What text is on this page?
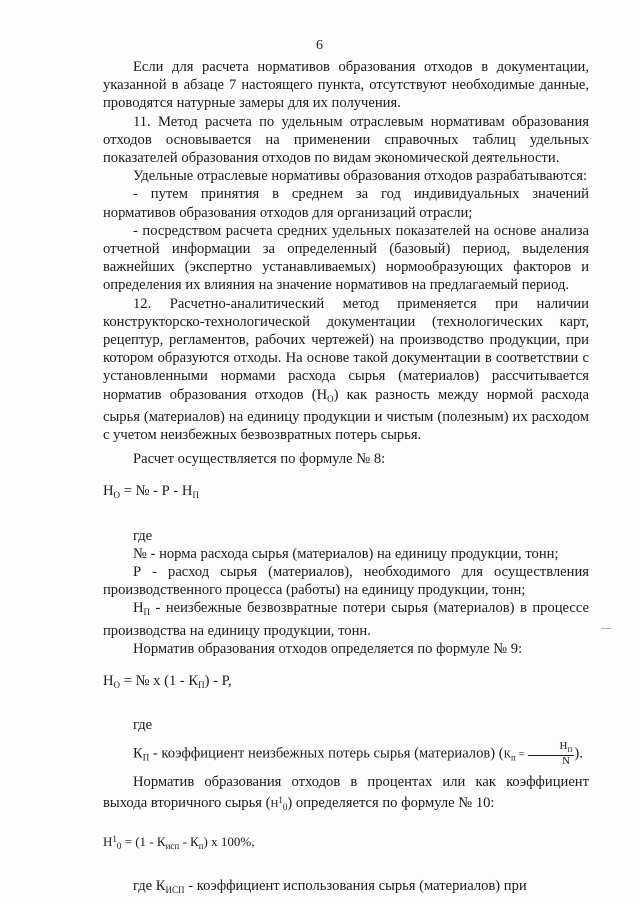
6

Если для расчета нормативов образования отходов в документации, указанной в абзаце 7 настоящего пункта, отсутствуют необходимые данные, проводятся натурные замеры для их получения.

11. Метод расчета по удельным отраслевым нормативам образования отходов основывается на применении справочных таблиц удельных показателей образования отходов по видам экономической деятельности.

Удельные отраслевые нормативы образования отходов разрабатываются:

- путем принятия в среднем за год индивидуальных значений нормативов образования отходов для организаций отрасли;

- посредством расчета средних удельных показателей на основе анализа отчетной информации за определенный (базовый) период, выделения важнейших (экспертно устанавливаемых) нормообразующих факторов и определения их влияния на значение нормативов на предлагаемый период.

12. Расчетно-аналитический метод применяется при наличии конструкторско-технологической документации (технологических карт, рецептур, регламентов, рабочих чертежей) на производство продукции, при котором образуются отходы. На основе такой документации в соответствии с установленными нормами расхода сырья (материалов) рассчитывается норматив образования отходов $(Н_О)$ как разность между нормой расхода сырья (материалов) на единицу продукции и чистым (полезным) их расходом с учетом неизбежных безвозвратных потерь сырья.

Расчет осуществляется по формуле № 8:

$Н_О$ = № - Р - $Н_П$

где

№ - норма расхода сырья (материалов) на единицу продукции, тонн;

Р - расход сырья (материалов), необходимого для осуществления производственного процесса (работы) на единицу продукции, тонн;

$Н_П$ - неизбежные безвозвратные потери сырья (материалов) в процессе производства на единицу продукции, тонн.

Норматив образования отходов определяется по формуле № 9:

$Н_О$ = № x $(1 - К_П)$ - Р,

где

$К_П$ - коэффициент неизбежных потерь сырья (материалов) ($К_п = \frac{Н_п}{N}$ ).

Норматив образования отходов в процентах или как коэффициент выхода вторичного сырья $(Н^1_0)$ определяется по формуле № 10:

$Н^1_0 = (1 - К_{исп} - К_п)$ x 100%,

где $К_{ИСП}$ - коэффициент использования сырья (материалов) при
